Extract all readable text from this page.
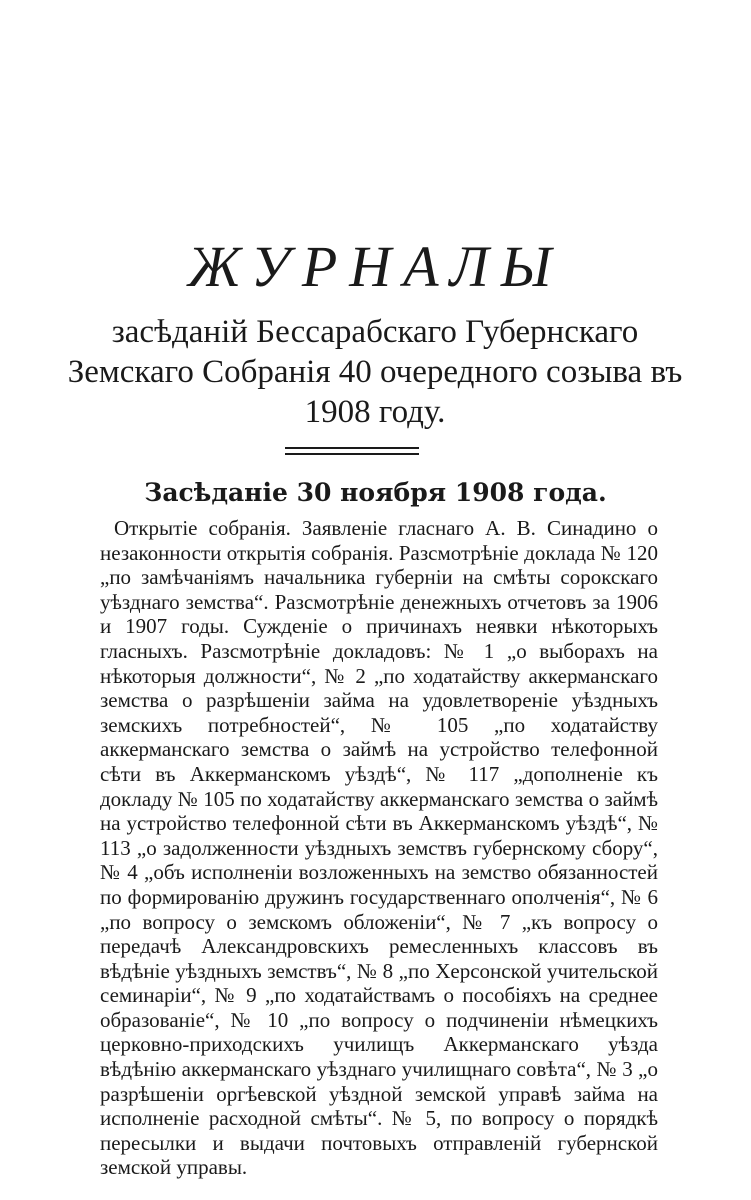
ЖУРНАЛЫ

засѣданій Бессарабскаго Губернскаго Земскаго Собранія 40 очередного созыва въ 1908 году.

Засѣданіе 30 ноября 1908 года.

Открытіе собранія. Заявленіе гласнаго А. В. Синадино о незаконности открытія собранія. Разсмотрѣніе доклада № 120 „по замѣчаніямъ начальника губерніи на смѣты сорокскаго уѣзднаго земства“. Разсмотрѣніе денежныхъ отчетовъ за 1906 и 1907 годы. Сужденіе о причинахъ неявки нѣкоторыхъ гласныхъ. Разсмотрѣніе докладовъ: № 1 „о выборахъ на нѣкоторыя должности“, № 2 „по ходатайству аккерманскаго земства о разрѣшеніи займа на удовлетвореніе уѣздныхъ земскихъ потребностей“, № 105 „по ходатайству аккерманскаго земства о займѣ на устройство телефонной сѣти въ Аккерманскомъ уѣздѣ“, № 117 „дополненіе къ докладу № 105 по ходатайству аккерманскаго земства о займѣ на устройство телефонной сѣти въ Аккерманскомъ уѣздѣ“, № 113 „о задолженности уѣздныхъ земствъ губернскому сбору“, № 4 „объ исполненіи возложенныхъ на земство обязанностей по формированію дружинъ государственнаго ополченія“, № 6 „по вопросу о земскомъ обложеніи“, № 7 „къ вопросу о передачѣ Александровскихъ ремесленныхъ классовъ въ вѣдѣніе уѣздныхъ земствъ“, № 8 „по Херсонской учительской семинаріи“, № 9 „по ходатайствамъ о пособіяхъ на среднее образованіе“, № 10 „по вопросу о подчиненіи нѣмецкихъ церковно-приходскихъ училищъ Аккерманскаго уѣзда вѣдѣнію аккерманскаго уѣзднаго училищнаго совѣта“, № 3 „о разрѣшеніи оргѣевской уѣздной земской управѣ займа на исполненіе расходной смѣты“. № 5, по вопросу о порядкѣ пересылки и выдачи почтовыхъ отправленій губернской земской управы.
